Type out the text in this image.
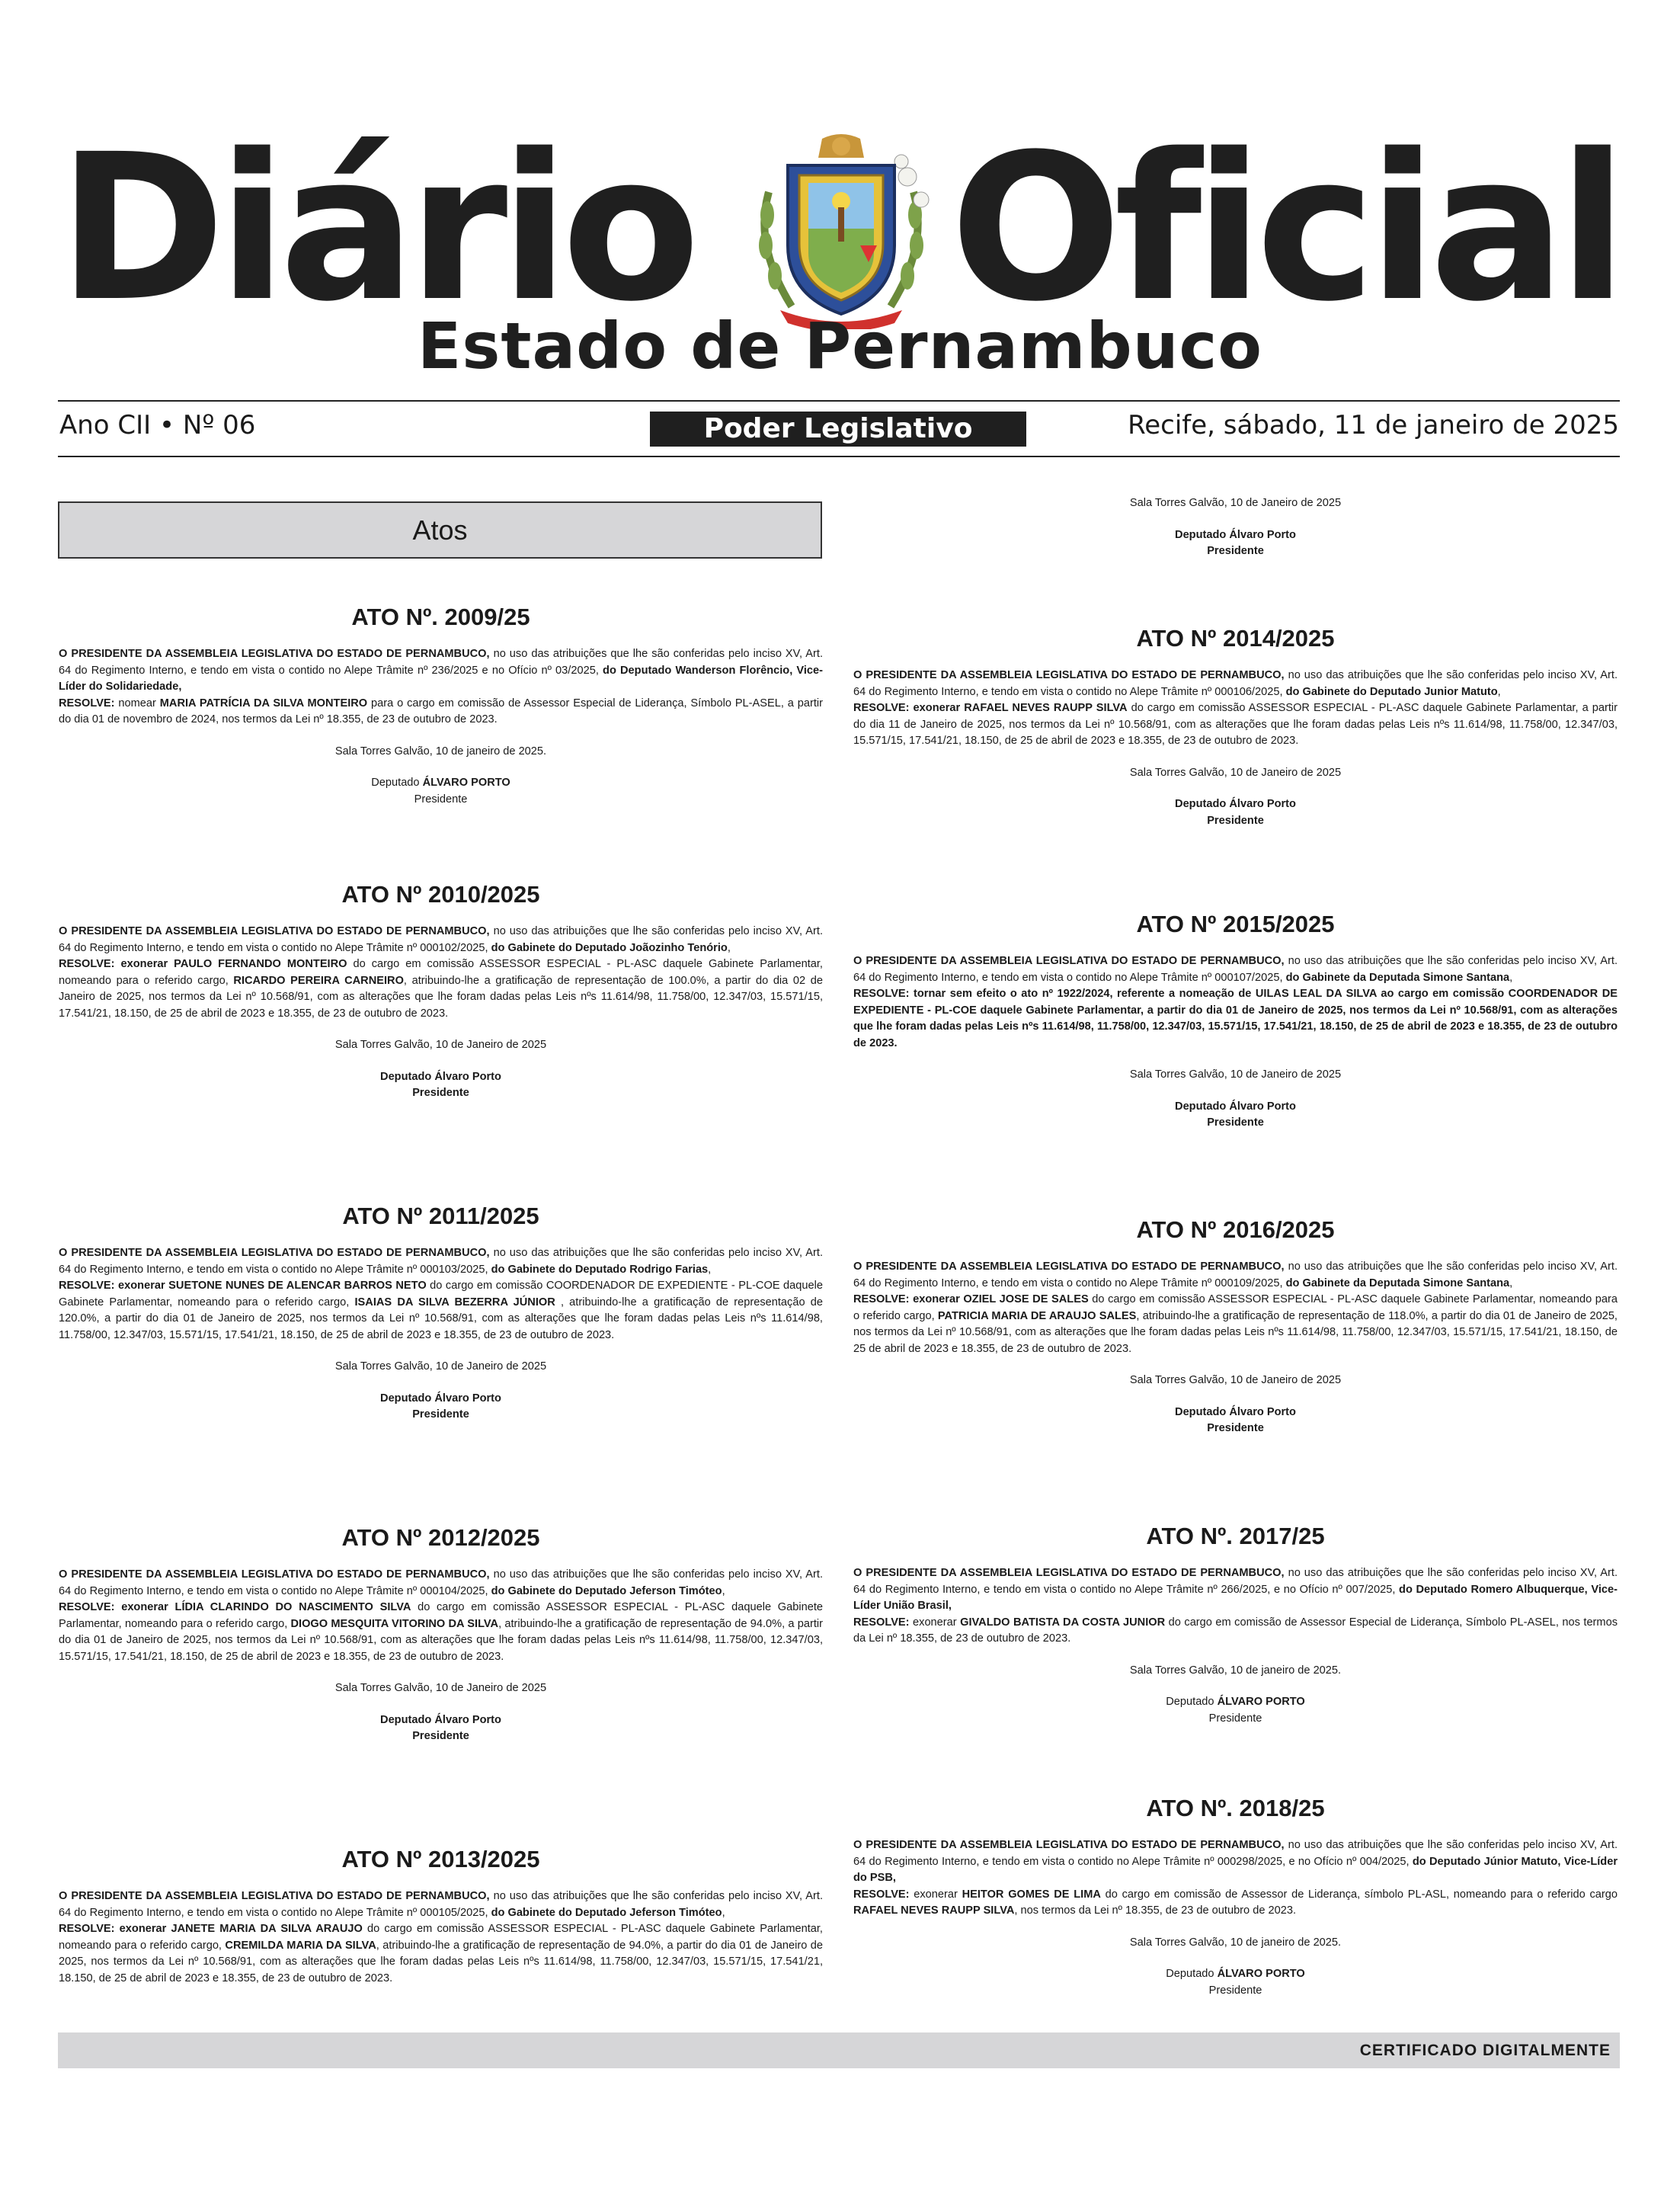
Diário Oficial
Estado de Pernambuco
Ano CII • Nº 06	Poder Legislativo	Recife, sábado, 11 de janeiro de 2025
Atos
ATO Nº. 2009/25

O PRESIDENTE DA ASSEMBLEIA LEGISLATIVA DO ESTADO DE PERNAMBUCO, no uso das atribuições que lhe são conferidas pelo inciso XV, Art. 64 do Regimento Interno, e tendo em vista o contido no Alepe Trâmite nº 236/2025 e no Ofício nº 03/2025, do Deputado Wanderson Florêncio, Vice-Líder do Solidariedade,

RESOLVE: nomear MARIA PATRÍCIA DA SILVA MONTEIRO para o cargo em comissão de Assessor Especial de Liderança, Símbolo PL-ASEL, a partir do dia 01 de novembro de 2024, nos termos da Lei nº 18.355, de 23 de outubro de 2023.

Sala Torres Galvão, 10 de janeiro de 2025.
Deputado ÁLVARO PORTO
Presidente
ATO Nº 2010/2025

O PRESIDENTE DA ASSEMBLEIA LEGISLATIVA DO ESTADO DE PERNAMBUCO, no uso das atribuições que lhe são conferidas pelo inciso XV, Art. 64 do Regimento Interno, e tendo em vista o contido no Alepe Trâmite nº 000102/2025, do Gabinete do Deputado Joãozinho Tenório,

RESOLVE: exonerar PAULO FERNANDO MONTEIRO do cargo em comissão ASSESSOR ESPECIAL - PL-ASC daquele Gabinete Parlamentar, nomeando para o referido cargo, RICARDO PEREIRA CARNEIRO, atribuindo-lhe a gratificação de representação de 100.0%, a partir do dia 02 de Janeiro de 2025, nos termos da Lei nº 10.568/91, com as alterações que lhe foram dadas pelas Leis nºs 11.614/98, 11.758/00, 12.347/03, 15.571/15, 17.541/21, 18.150, de 25 de abril de 2023 e 18.355, de 23 de outubro de 2023.

Sala Torres Galvão, 10 de Janeiro de 2025
Deputado Álvaro Porto
Presidente
ATO Nº 2011/2025

O PRESIDENTE DA ASSEMBLEIA LEGISLATIVA DO ESTADO DE PERNAMBUCO, no uso das atribuições que lhe são conferidas pelo inciso XV, Art. 64 do Regimento Interno, e tendo em vista o contido no Alepe Trâmite nº 000103/2025, do Gabinete do Deputado Rodrigo Farias,

RESOLVE: exonerar SUETONE NUNES DE ALENCAR BARROS NETO do cargo em comissão COORDENADOR DE EXPEDIENTE - PL-COE daquele Gabinete Parlamentar, nomeando para o referido cargo, ISAIAS DA SILVA BEZERRA JÚNIOR , atribuindo-lhe a gratificação de representação de 120.0%, a partir do dia 01 de Janeiro de 2025, nos termos da Lei nº 10.568/91, com as alterações que lhe foram dadas pelas Leis nºs 11.614/98, 11.758/00, 12.347/03, 15.571/15, 17.541/21, 18.150, de 25 de abril de 2023 e 18.355, de 23 de outubro de 2023.

Sala Torres Galvão, 10 de Janeiro de 2025
Deputado Álvaro Porto
Presidente
ATO Nº 2012/2025

O PRESIDENTE DA ASSEMBLEIA LEGISLATIVA DO ESTADO DE PERNAMBUCO, no uso das atribuições que lhe são conferidas pelo inciso XV, Art. 64 do Regimento Interno, e tendo em vista o contido no Alepe Trâmite nº 000104/2025, do Gabinete do Deputado Jeferson Timóteo,

RESOLVE: exonerar LÍDIA CLARINDO DO NASCIMENTO SILVA do cargo em comissão ASSESSOR ESPECIAL - PL-ASC daquele Gabinete Parlamentar, nomeando para o referido cargo, DIOGO MESQUITA VITORINO DA SILVA, atribuindo-lhe a gratificação de representação de 94.0%, a partir do dia 01 de Janeiro de 2025, nos termos da Lei nº 10.568/91, com as alterações que lhe foram dadas pelas Leis nºs 11.614/98, 11.758/00, 12.347/03, 15.571/15, 17.541/21, 18.150, de 25 de abril de 2023 e 18.355, de 23 de outubro de 2023.

Sala Torres Galvão, 10 de Janeiro de 2025
Deputado Álvaro Porto
Presidente
ATO Nº 2013/2025

O PRESIDENTE DA ASSEMBLEIA LEGISLATIVA DO ESTADO DE PERNAMBUCO, no uso das atribuições que lhe são conferidas pelo inciso XV, Art. 64 do Regimento Interno, e tendo em vista o contido no Alepe Trâmite nº 000105/2025, do Gabinete do Deputado Jeferson Timóteo,

RESOLVE: exonerar JANETE MARIA DA SILVA ARAUJO do cargo em comissão ASSESSOR ESPECIAL - PL-ASC daquele Gabinete Parlamentar, nomeando para o referido cargo, CREMILDA MARIA DA SILVA, atribuindo-lhe a gratificação de representação de 94.0%, a partir do dia 01 de Janeiro de 2025, nos termos da Lei nº 10.568/91, com as alterações que lhe foram dadas pelas Leis nºs 11.614/98, 11.758/00, 12.347/03, 15.571/15, 17.541/21, 18.150, de 25 de abril de 2023 e 18.355, de 23 de outubro de 2023.

Sala Torres Galvão, 10 de Janeiro de 2025
Deputado Álvaro Porto
Presidente
ATO Nº 2014/2025

O PRESIDENTE DA ASSEMBLEIA LEGISLATIVA DO ESTADO DE PERNAMBUCO, no uso das atribuições que lhe são conferidas pelo inciso XV, Art. 64 do Regimento Interno, e tendo em vista o contido no Alepe Trâmite nº 000106/2025, do Gabinete do Deputado Junior Matuto,

RESOLVE: exonerar RAFAEL NEVES RAUPP SILVA do cargo em comissão ASSESSOR ESPECIAL - PL-ASC daquele Gabinete Parlamentar, a partir do dia 11 de Janeiro de 2025, nos termos da Lei nº 10.568/91, com as alterações que lhe foram dadas pelas Leis nºs 11.614/98, 11.758/00, 12.347/03, 15.571/15, 17.541/21, 18.150, de 25 de abril de 2023 e 18.355, de 23 de outubro de 2023.

Sala Torres Galvão, 10 de Janeiro de 2025
Deputado Álvaro Porto
Presidente
ATO Nº 2015/2025

O PRESIDENTE DA ASSEMBLEIA LEGISLATIVA DO ESTADO DE PERNAMBUCO, no uso das atribuições que lhe são conferidas pelo inciso XV, Art. 64 do Regimento Interno, e tendo em vista o contido no Alepe Trâmite nº 000107/2025, do Gabinete da Deputada Simone Santana,

RESOLVE: tornar sem efeito o ato nº 1922/2024, referente a nomeação de UILAS LEAL DA SILVA ao cargo em comissão COORDENADOR DE EXPEDIENTE - PL-COE daquele Gabinete Parlamentar, a partir do dia 01 de Janeiro de 2025, nos termos da Lei nº 10.568/91, com as alterações que lhe foram dadas pelas Leis nºs 11.614/98, 11.758/00, 12.347/03, 15.571/15, 17.541/21, 18.150, de 25 de abril de 2023 e 18.355, de 23 de outubro de 2023.

Sala Torres Galvão, 10 de Janeiro de 2025
Deputado Álvaro Porto
Presidente
ATO Nº 2016/2025

O PRESIDENTE DA ASSEMBLEIA LEGISLATIVA DO ESTADO DE PERNAMBUCO, no uso das atribuições que lhe são conferidas pelo inciso XV, Art. 64 do Regimento Interno, e tendo em vista o contido no Alepe Trâmite nº 000109/2025, do Gabinete da Deputada Simone Santana,

RESOLVE: exonerar OZIEL JOSE DE SALES do cargo em comissão ASSESSOR ESPECIAL - PL-ASC daquele Gabinete Parlamentar, nomeando para o referido cargo, PATRICIA MARIA DE ARAUJO SALES, atribuindo-lhe a gratificação de representação de 118.0%, a partir do dia 01 de Janeiro de 2025, nos termos da Lei nº 10.568/91, com as alterações que lhe foram dadas pelas Leis nºs 11.614/98, 11.758/00, 12.347/03, 15.571/15, 17.541/21, 18.150, de 25 de abril de 2023 e 18.355, de 23 de outubro de 2023.

Sala Torres Galvão, 10 de Janeiro de 2025
Deputado Álvaro Porto
Presidente
ATO Nº. 2017/25

O PRESIDENTE DA ASSEMBLEIA LEGISLATIVA DO ESTADO DE PERNAMBUCO, no uso das atribuições que lhe são conferidas pelo inciso XV, Art. 64 do Regimento Interno, e tendo em vista o contido no Alepe Trâmite nº 266/2025, e no Ofício nº 007/2025, do Deputado Romero Albuquerque, Vice-Líder União Brasil,

RESOLVE: exonerar GIVALDO BATISTA DA COSTA JUNIOR do cargo em comissão de Assessor Especial de Liderança, Símbolo PL-ASEL, nos termos da Lei nº 18.355, de 23 de outubro de 2023.

Sala Torres Galvão, 10 de janeiro de 2025.
Deputado ÁLVARO PORTO
Presidente
ATO Nº. 2018/25

O PRESIDENTE DA ASSEMBLEIA LEGISLATIVA DO ESTADO DE PERNAMBUCO, no uso das atribuições que lhe são conferidas pelo inciso XV, Art. 64 do Regimento Interno, e tendo em vista o contido no Alepe Trâmite nº 000298/2025, e no Ofício nº 004/2025, do Deputado Júnior Matuto, Vice-Líder do PSB,

RESOLVE: exonerar HEITOR GOMES DE LIMA do cargo em comissão de Assessor de Liderança, símbolo PL-ASL, nomeando para o referido cargo RAFAEL NEVES RAUPP SILVA, nos termos da Lei nº 18.355, de 23 de outubro de 2023.

Sala Torres Galvão, 10 de janeiro de 2025.
Deputado ÁLVARO PORTO
Presidente
CERTIFICADO DIGITALMENTE
